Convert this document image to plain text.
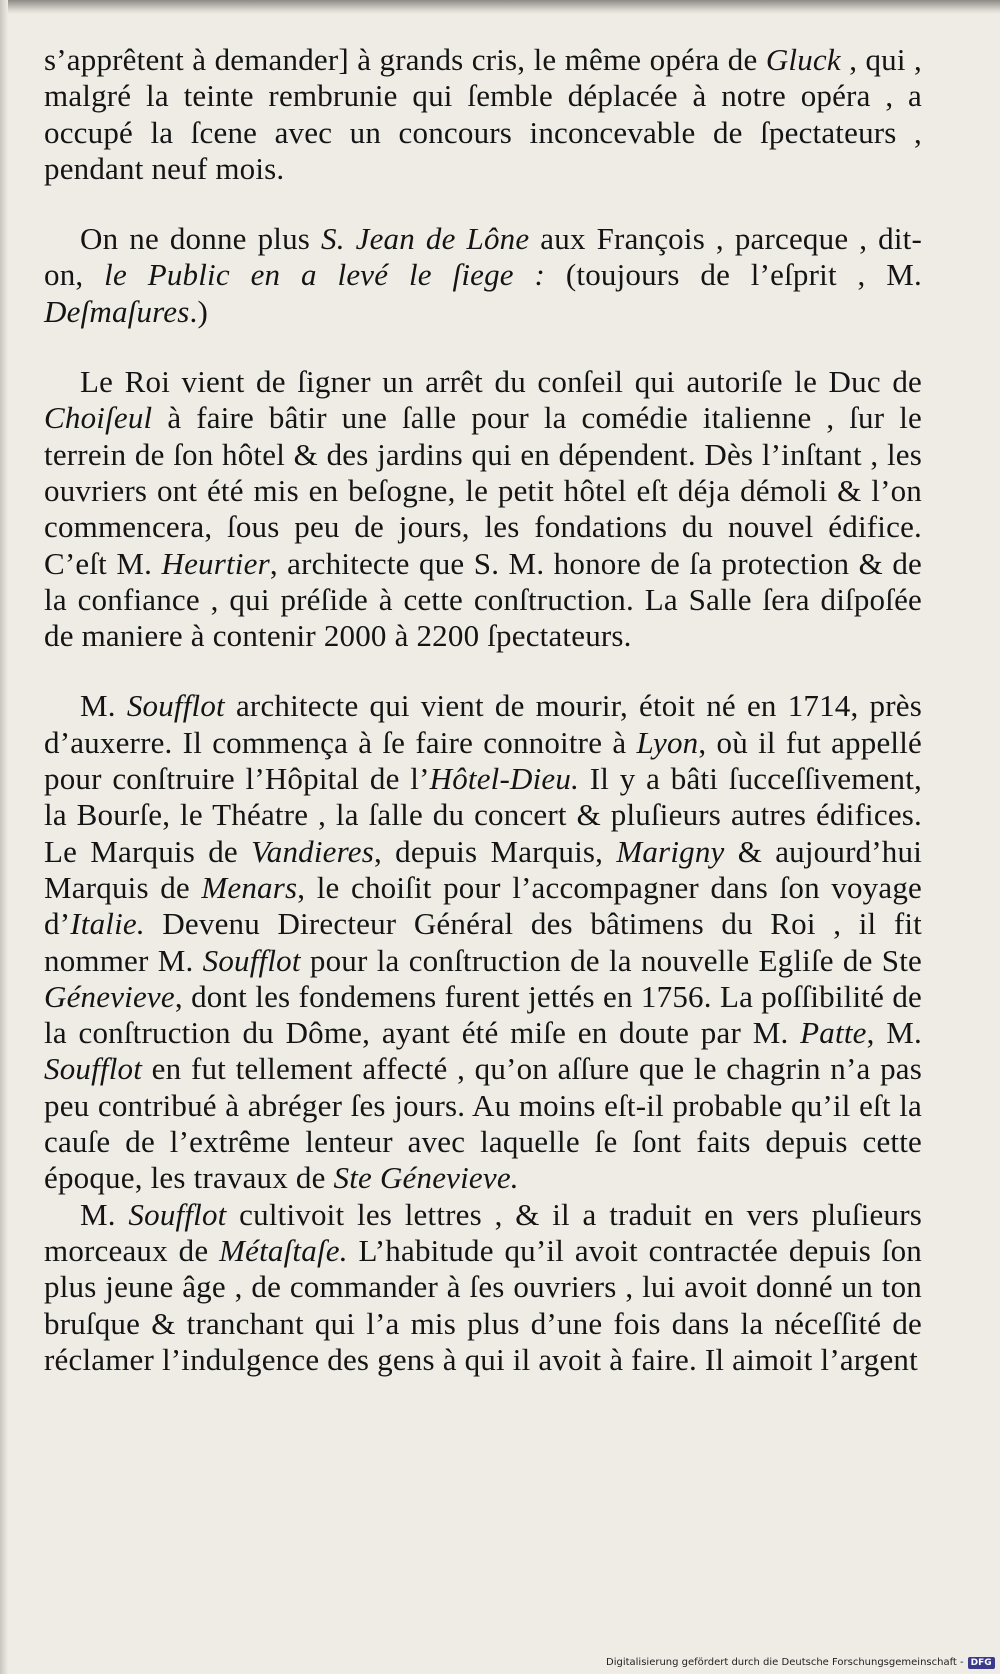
s’apprêtent à demander] à grands cris, le même opéra de Gluck , qui , malgré la teinte rembrunie qui ſemble déplacée à notre opéra , a occupé la ſcene avec un concours inconcevable de ſpectateurs , pendant neuf mois.

On ne donne plus S. Jean de Lône aux François , parceque , dit-on, le Public en a levé le ſiege : (toujours de l’eſprit , M. Deſmaſures.)

Le Roi vient de ſigner un arrêt du conſeil qui autoriſe le Duc de Choiſeul à faire bâtir une ſalle pour la comédie italienne , ſur le terrein de ſon hôtel & des jardins qui en dépendent. Dès l’inſtant , les ouvriers ont été mis en beſogne, le petit hôtel eſt déja démoli & l’on commencera, ſous peu de jours, les fondations du nouvel édifice. C’eſt M. Heurtier, architecte que S. M. honore de ſa protection & de la confiance , qui préſide à cette conſtruction. La Salle ſera diſpoſée de maniere à contenir 2000 à 2200 ſpectateurs.

M. Soufflot architecte qui vient de mourir, étoit né en 1714, près d’auxerre. Il commença à ſe faire connoitre à Lyon, où il fut appellé pour conſtruire l’Hôpital de l’Hôtel-Dieu. Il y a bâti ſucceſſivement, la Bourſe, le Théatre , la ſalle du concert & pluſieurs autres édifices. Le Marquis de Vandieres, depuis Marquis, Marigny & aujourd’hui Marquis de Menars, le choiſit pour l’accompagner dans ſon voyage d’Italie. Devenu Directeur Général des bâtimens du Roi , il fit nommer M. Soufflot pour la conſtruction de la nouvelle Egliſe de Ste Génevieve, dont les fondemens furent jettés en 1756. La poſſibilité de la conſtruction du Dôme, ayant été miſe en doute par M. Patte, M. Soufflot en fut tellement affecté , qu’on aſſure que le chagrin n’a pas peu contribué à abréger ſes jours. Au moins eſt-il probable qu’il eſt la cauſe de l’extrême lenteur avec laquelle ſe ſont faits depuis cette époque, les travaux de Ste Génevieve.

M. Soufflot cultivoit les lettres , & il a traduit en vers pluſieurs morceaux de Métaſtaſe. L’habitude qu’il avoit contractée depuis ſon plus jeune âge , de commander à ſes ouvriers , lui avoit donné un ton bruſque & tranchant qui l’a mis plus d’une fois dans la néceſſité de réclamer l’indulgence des gens à qui il avoit à faire. Il aimoit l’argent

Digitalisierung gefördert durch die Deutsche Forschungsgemeinschaft - DFG
